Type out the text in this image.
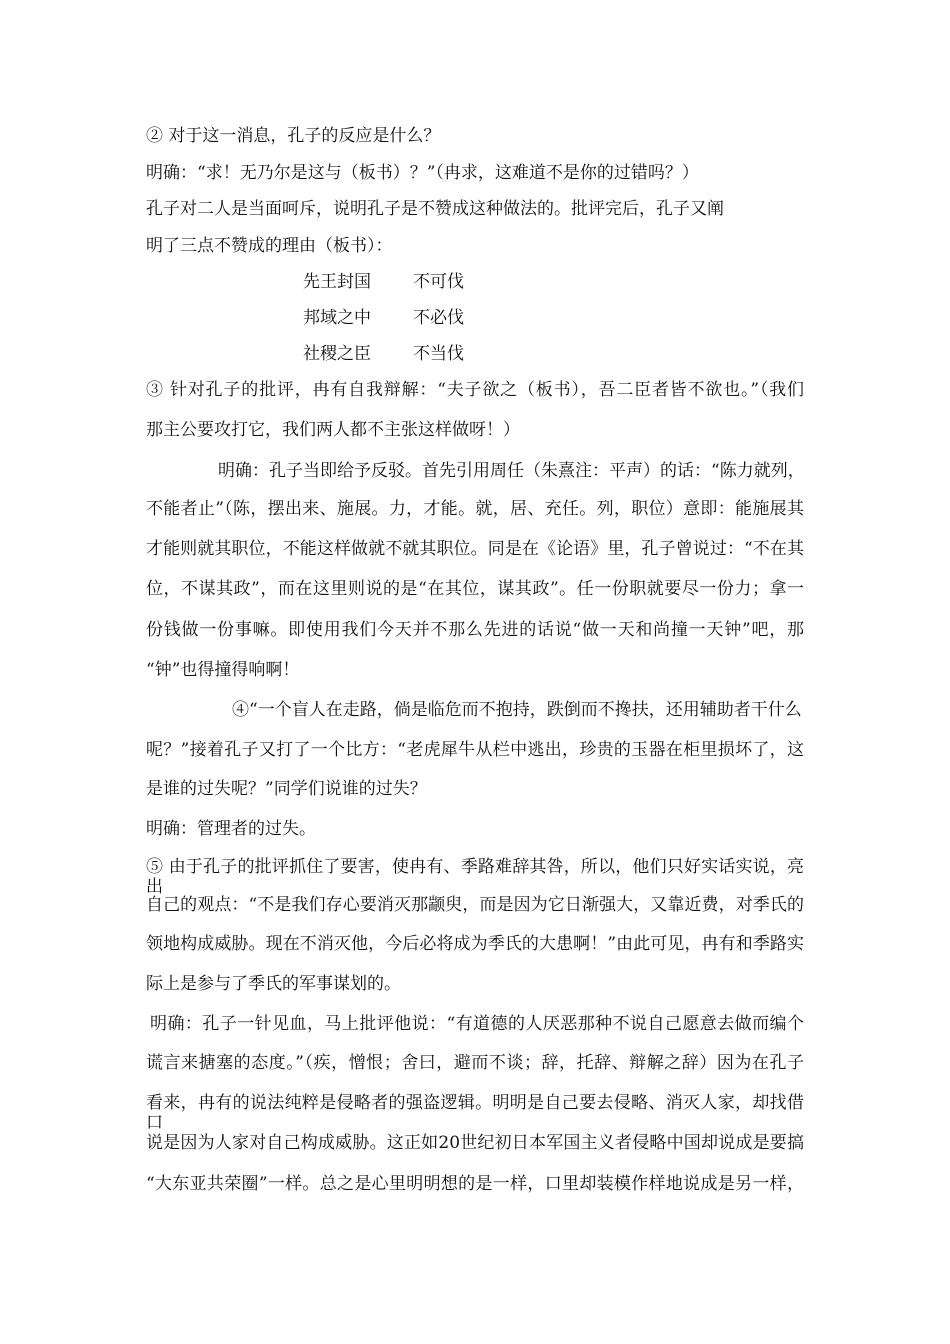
② 对于这一消息，孔子的反应是什么？
明确：“求！无乃尔是这与（板书）？”（冉求，这难道不是你的过错吗？）
孔子对二人是当面呵斥，说明孔子是不赞成这种做法的。批评完后，孔子又阐
明了三点不赞成的理由（板书）：
先王封国 不可伐
邦域之中 不必伐
社稷之臣 不当伐
③ 针对孔子的批评，冉有自我辩解：“夫子欲之（板书），吾二臣者皆不欲也。”（我们
那主公要攻打它，我们两人都不主张这样做呀！）
明确：孔子当即给予反驳。首先引用周任（朱熹注：平声）的话：“陈力就列，
不能者止”（陈，摆出来、施展。力，才能。就，居、充任。列，职位）意即：能施展其
才能则就其职位，不能这样做就不就其职位。同是在《论语》里，孔子曾说过：“不在其
位，不谋其政”，而在这里则说的是“在其位，谋其政”。任一份职就要尽一份力；拿一
份钱做一份事嘛。即使用我们今天并不那么先进的话说“做一天和尚撞一天钟”吧，那
“钟”也得撞得响啊！
④“一个盲人在走路，倘是临危而不抱持，跌倒而不搀扶，还用辅助者干什么
呢？”接着孔子又打了一个比方：“老虎犀牛从栏中逃出，珍贵的玉器在柜里损坏了，这
是谁的过失呢？”同学们说谁的过失？
明确：管理者的过失。
⑤ 由于孔子的批评抓住了要害，使冉有、季路难辞其咎，所以，他们只好实话实说，亮出
自己的观点：“不是我们存心要消灭那颛臾，而是因为它日渐强大，又靠近费，对季氏的
领地构成威胁。现在不消灭他，今后必将成为季氏的大患啊！”由此可见，冉有和季路实
际上是参与了季氏的军事谋划的。
明确：孔子一针见血，马上批评他说：“有道德的人厌恶那种不说自己愿意去做而编个
谎言来搪塞的态度。”（疾，憎恨；舍曰，避而不谈；辞，托辞、辩解之辞）因为在孔子
看来，冉有的说法纯粹是侵略者的强盗逻辑。明明是自己要去侵略、消灭人家，却找借口
说是因为人家对自己构成威胁。这正如20世纪初日本军国主义者侵略中国却说成是要搞
“大东亚共荣圈”一样。总之是心里明明想的是一样，口里却装模作样地说成是另一样，
